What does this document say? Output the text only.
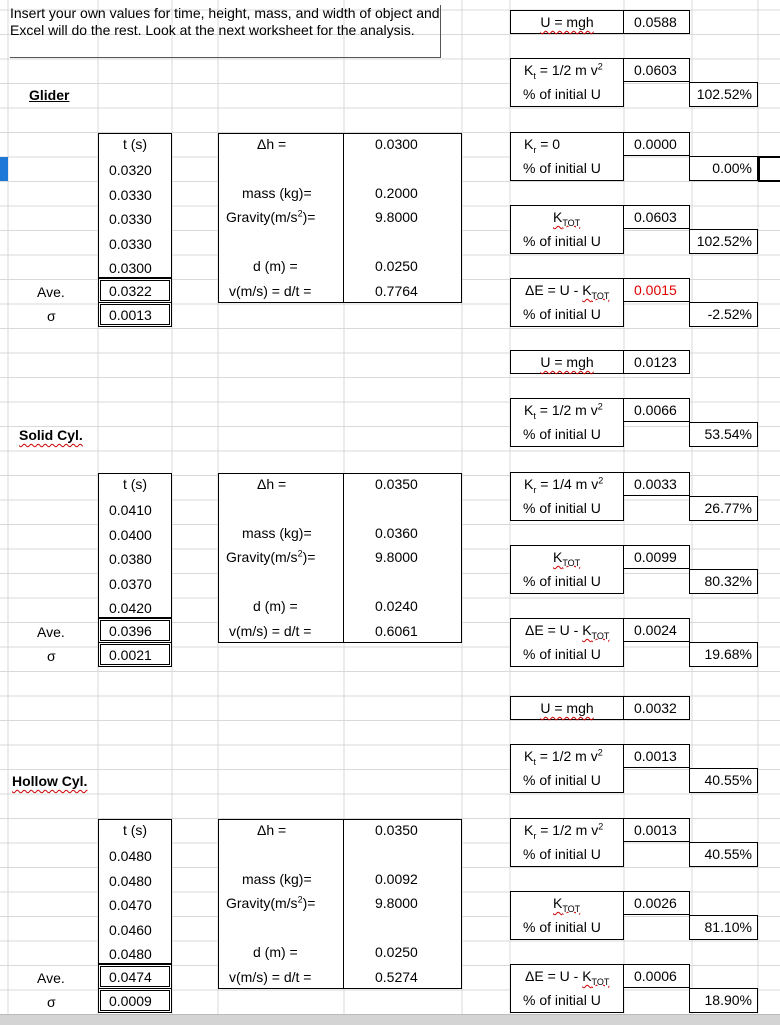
Insert your own values for time, height, mass, and width of object and Excel will do the rest. Look at the next worksheet for the analysis.
Glider
t (s)
0.0320
0.0330
0.0330
0.0330
0.0300
Ave.	0.0322
σ	0.0013
Δh =	0.0300
mass (kg)=	0.2000
$Gravity(m/s^2)=$	9.8000
d (m) =	0.0250
v(m/s) = d/t =	0.7764
U = mgh	0.0588
$K_t = 1/2$ m $v^2$ 0.0603
% of initial U	102.52%
$K_r = 0$	0.0000
% of initial U	0.00%
$K_{TOT}$	0.0603
% of initial U	102.52%
$\Delta E = U - K_{TOT}$ 0.0015
% of initial U	-2.52%
Solid Cyl.
t (s)
0.0410
0.0400
0.0380
0.0370
0.0420
Ave.	0.0396
σ	0.0021
Δh =	0.0350
mass (kg)=	0.0360
$Gravity(m/s^2)=$	9.8000
d (m) =	0.0240
v(m/s) = d/t =	0.6061
U = mgh	0.0123
$K_t = 1/2$ m $v^2$ 0.0066
% of initial U	53.54%
$K_r = 1/4$ m $v^2$ 0.0033
% of initial U	26.77%
$K_{TOT}$	0.0099
% of initial U	80.32%
$\Delta E = U - K_{TOT}$ 0.0024
% of initial U	19.68%
Hollow Cyl.
t (s)
0.0480
0.0480
0.0470
0.0460
0.0480
Ave.	0.0474
σ	0.0009
Δh =	0.0350
mass (kg)=	0.0092
$Gravity(m/s^2)=$	9.8000
d (m) =	0.0250
v(m/s) = d/t =	0.5274
U = mgh	0.0032
$K_t = 1/2$ m $v^2$ 0.0013
% of initial U	40.55%
$K_r = 1/2$ m $v^2$ 0.0013
% of initial U	40.55%
$K_{TOT}$	0.0026
% of initial U	81.10%
$\Delta E = U - K_{TOT}$ 0.0006
% of initial U	18.90%
